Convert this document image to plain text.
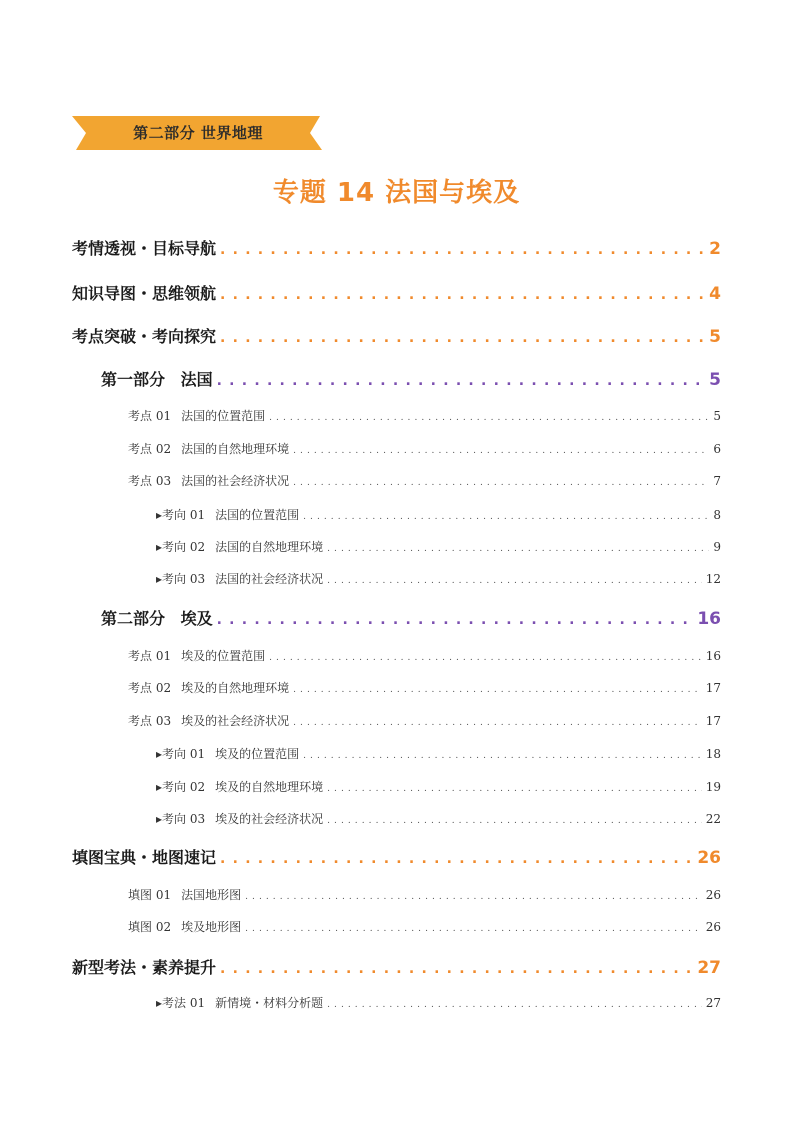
第二部分 世界地理
专题 14 法国与埃及
考情透视・目标导航 . . .	2
知识导图・思维领航 . . .	4
考点突破・考向探究 . . .	5
第一部分 法国 . . .	5
考点 01 法国的位置范围 . . .	5
考点 02 法国的自然地理环境 . . .	6
考点 03 法国的社会经济状况 . . .	7
▸考向 01 法国的位置范围 . . .	8
▸考向 02 法国的自然地理环境 . . .	9
▸考向 03 法国的社会经济状况 . . .	12
第二部分 埃及 . . .	16
考点 01 埃及的位置范围 . . .	16
考点 02 埃及的自然地理环境 . . .	17
考点 03 埃及的社会经济状况 . . .	17
▸考向 01 埃及的位置范围 . . .	18
▸考向 02 埃及的自然地理环境 . . .	19
▸考向 03 埃及的社会经济状况 . . .	22
填图宝典・地图速记 . . .	26
填图 01 法国地形图 . . .	26
填图 02 埃及地形图 . . .	26
新型考法・素养提升 . . .	27
▸考法 01 新情境・材料分析题 . . .	27
